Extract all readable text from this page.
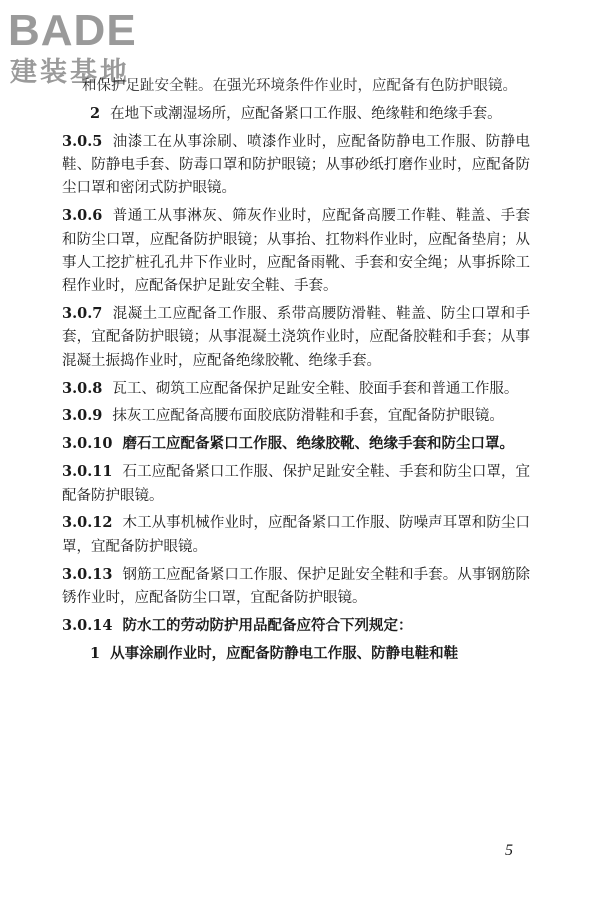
BADE
建装基地

和保护足趾安全鞋。在强光环境条件作业时，应配备有色防护眼镜。

2 在地下或潮湿场所，应配备紧口工作服、绝缘鞋和绝缘手套。

3.0.5 油漆工在从事涂刷、喷漆作业时，应配备防静电工作服、防静电鞋、防静电手套、防毒口罩和防护眼镜；从事砂纸打磨作业时，应配备防尘口罩和密闭式防护眼镜。

3.0.6 普通工从事淋灰、筛灰作业时，应配备高腰工作鞋、鞋盖、手套和防尘口罩，应配备防护眼镜；从事抬、扛物料作业时，应配备垫肩；从事人工挖扩桩孔孔井下作业时，应配备雨靴、手套和安全绳；从事拆除工程作业时，应配备保护足趾安全鞋、手套。

3.0.7 混凝土工应配备工作服、系带高腰防滑鞋、鞋盖、防尘口罩和手套，宜配备防护眼镜；从事混凝土浇筑作业时，应配备胶鞋和手套；从事混凝土振捣作业时，应配备绝缘胶靴、绝缘手套。

3.0.8 瓦工、砌筑工应配备保护足趾安全鞋、胶面手套和普通工作服。

3.0.9 抹灰工应配备高腰布面胶底防滑鞋和手套，宜配备防护眼镜。

3.0.10 磨石工应配备紧口工作服、绝缘胶靴、绝缘手套和防尘口罩。

3.0.11 石工应配备紧口工作服、保护足趾安全鞋、手套和防尘口罩，宜配备防护眼镜。

3.0.12 木工从事机械作业时，应配备紧口工作服、防噪声耳罩和防尘口罩，宜配备防护眼镜。

3.0.13 钢筋工应配备紧口工作服、保护足趾安全鞋和手套。从事钢筋除锈作业时，应配备防尘口罩，宜配备防护眼镜。

3.0.14 防水工的劳动防护用品配备应符合下列规定：

1 从事涂刷作业时，应配备防静电工作服、防静电鞋和鞋

5
